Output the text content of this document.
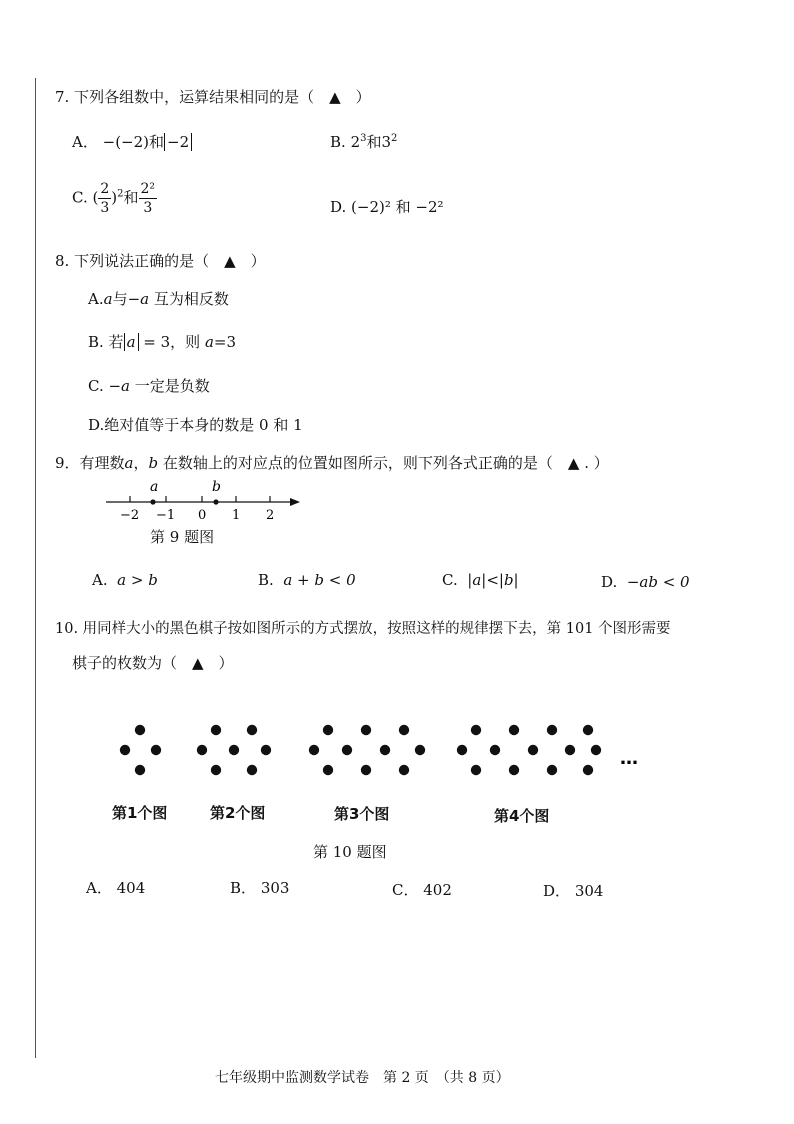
7. 下列各组数中，运算结果相同的是（　▲　）
A． −(−2)和 −2	B. $2^3$和$3^2$
C. ( $\frac{2}{3} )^2$和 $\frac{\text{2²}}{3}$	D. (−2)² 和 −2²
8. 下列说法正确的是（　▲　）
A.a与−a 互为相反数
B. 若 a = 3，则 a=3
C. −a 一定是负数
D.绝对值等于本身的数是 0 和 1
9．有理数a，b 在数轴上的对应点的位置如图所示，则下列各式正确的是（　▲ . ）
a	b
−2 −1 0 1 2
第 9 题图
A. a > b	B. a + b < 0	C. |a|<|b|	D. −ab < 0
10. 用同样大小的黑色棋子按如图所示的方式摆放，按照这样的规律摆下去，第 101 个图形需要
棋子的枚数为（　▲　）
…
第1个图	第2个图	第3个图	第4个图
第 10 题图
A． 404	B． 303	C． 402	D． 304
七年级期中监测数学试卷　第 2 页　（共 8 页）
